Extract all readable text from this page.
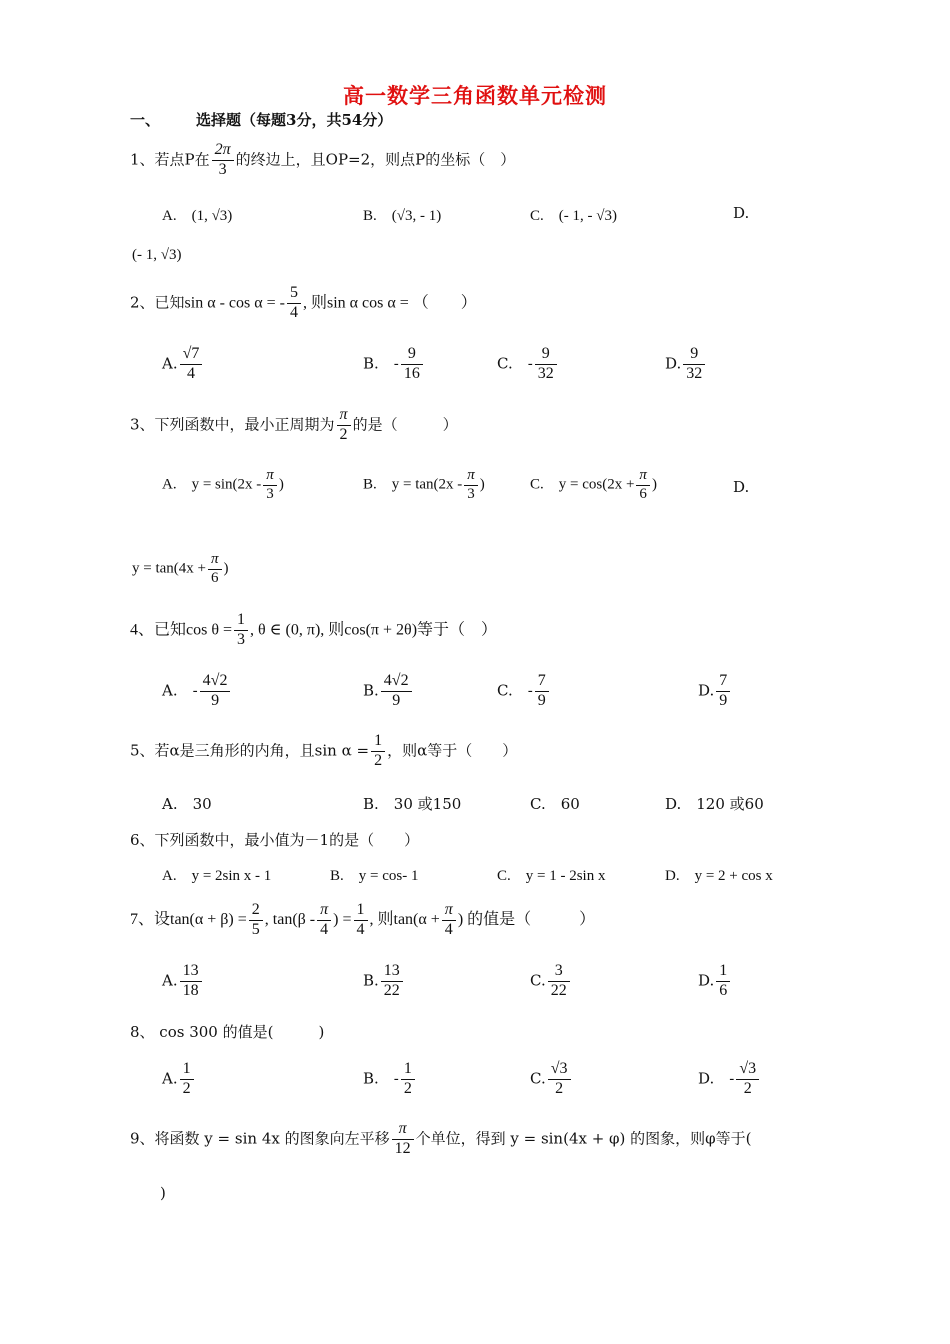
高一数学三角函数单元检测
一、 选择题（每题3分，共54分）
1、若点P在 $\frac{2\pi}{3}$ 的终边上，且OP=2，则点P的坐标（　）
A.　(1, √3)	B.　(√3, - 1)	C.　(- 1, - √3)	D.
(- 1, √3)
2、已知sin α - cos α = - $\frac{5}{4}$ , 则sin α cos α = （　　）
A. $\frac{√7}{4}$	B.　- $\frac{9}{16}$	C.　- $\frac{9}{32}$	D. $\frac{9}{32}$
3、下列函数中，最小正周期为 $\frac{\pi}{2}$ 的是（　　　）
A.　$y = \sin(2x - \frac{\pi}{3}$ )	B.　$y = \tan(2x - \frac{\pi}{3}$ )	C.　$y = \cos(2x + \frac{\pi}{6}$ )	D.
$y = \tan(4x + \frac{\pi}{6}$ )
4、已知$\cos \theta = \frac{1}{3}$ , θ ∈ (0, π), 则cos(π + 2θ)等于（　）
A.　- $\frac{4√2}{9}$	B. $\frac{4√2}{9}$	C.　- $\frac{7}{9}$	D. $\frac{7}{9}$
5、若α是三角形的内角，且$\sin \alpha = \frac{1}{2}$ ，则α等于（　　）
A.　30	B.　30 或150	C.　60	D.　120 或60
6、下列函数中，最小值为－1的是（　　）
A.　y = 2sin x - 1	B.　y = cos- 1	C.　y = 1 - 2sin x	D.　y = 2 + cos x
7、设$\tan(\alpha + \beta) = \frac{2}{5}$ , $\tan(\beta - \frac{\pi}{4}$ ) = $\frac{1}{4}$ , 则$\tan(\alpha + \frac{\pi}{4}$ ) 的值是（　　　）
A. $\frac{13}{18}$	B. $\frac{13}{22}$	C. $\frac{3}{22}$	D. $\frac{1}{6}$
8、 cos 300 的值是(　　　)
A. $\frac{1}{2}$	B.　- $\frac{1}{2}$	C. $\frac{√3}{2}$	D.　- $\frac{√3}{2}$
9、将函数 y = sin 4x 的图象向左平移 $\frac{\pi}{12}$ 个单位，得到 y = sin(4x + φ) 的图象，则φ等于(
)
